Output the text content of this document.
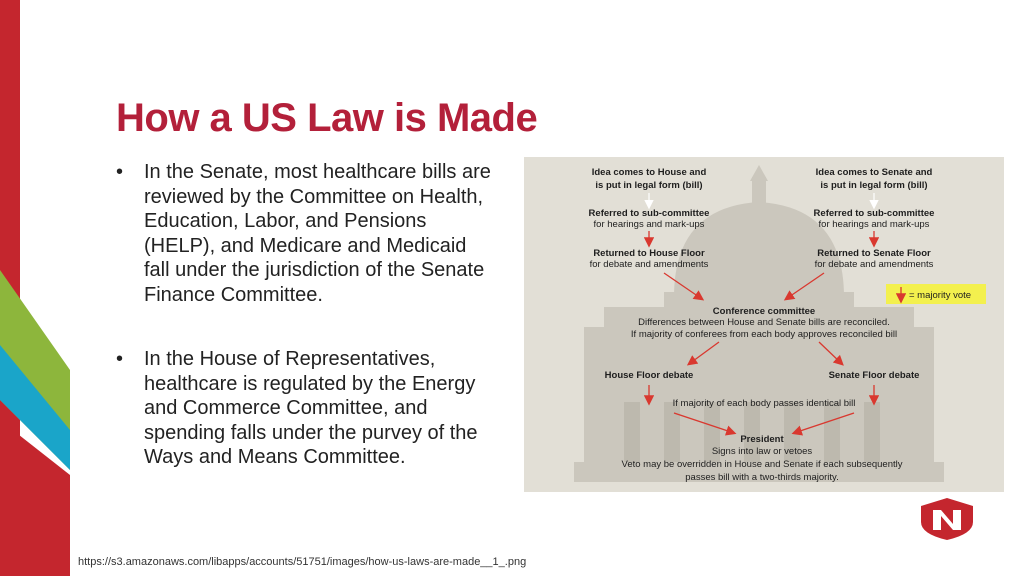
How a US Law is Made
• In the Senate, most healthcare bills are reviewed by the Committee on Health, Education, Labor, and Pensions (HELP), and Medicare and Medicaid fall under the jurisdiction of the Senate Finance Committee.
• In the House of Representatives, healthcare is regulated by the Energy and Commerce Committee, and spending falls under the purvey of the Ways and Means Committee.
Idea comes to House and
is put in legal form (bill)
Referred to sub-committee
for hearings and mark-ups
Returned to House Floor
for debate and amendments
Idea comes to Senate and
is put in legal form (bill)
Referred to sub-committee
for hearings and mark-ups
Returned to Senate Floor
for debate and amendments
= majority vote
Conference committee
Differences between House and Senate bills are reconciled.
If majority of conferees from each body approves reconciled bill
House Floor debate	Senate Floor debate
If majority of each body passes identical bill
President
Signs into law or vetoes
Veto may be overridden in House and Senate if each subsequently
passes bill with a two-thirds majority.
https://s3.amazonaws.com/libapps/accounts/51751/images/how-us-laws-are-made__1_.png
